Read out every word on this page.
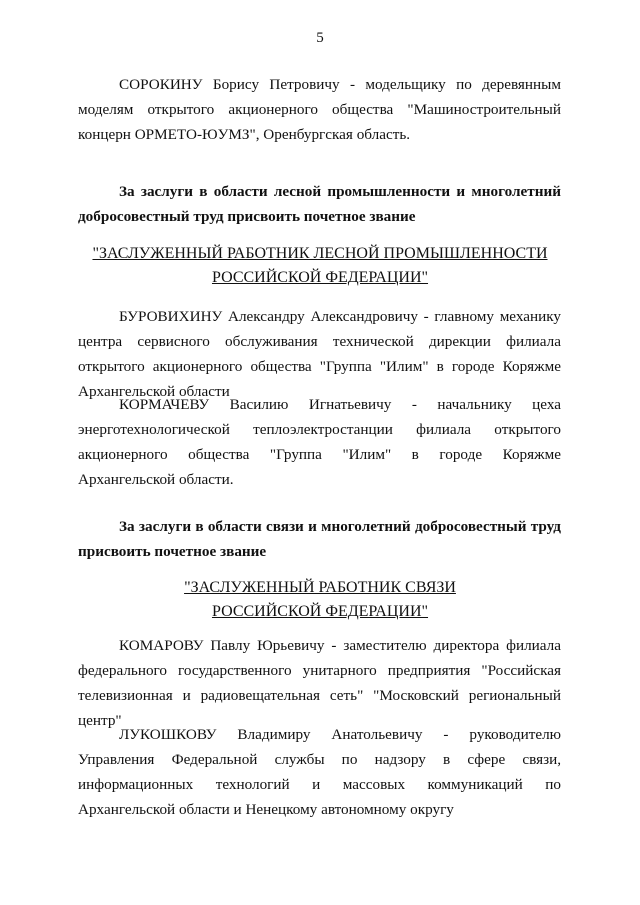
5
СОРОКИНУ Борису Петровичу - модельщику по деревянным моделям открытого акционерного общества "Машиностроительный концерн ОРМЕТО-ЮУМЗ", Оренбургская область.
За заслуги в области лесной промышленности и многолетний добросовестный труд присвоить почетное звание
"ЗАСЛУЖЕННЫЙ РАБОТНИК ЛЕСНОЙ ПРОМЫШЛЕННОСТИ
РОССИЙСКОЙ ФЕДЕРАЦИИ"
БУРОВИХИНУ Александру Александровичу - главному механику центра сервисного обслуживания технической дирекции филиала открытого акционерного общества "Группа "Илим" в городе Коряжме Архангельской области
КОРМАЧЕВУ Василию Игнатьевичу - начальнику цеха энерготехнологической теплоэлектростанции филиала открытого акционерного общества "Группа "Илим" в городе Коряжме Архангельской области.
За заслуги в области связи и многолетний добросовестный труд присвоить почетное звание
"ЗАСЛУЖЕННЫЙ РАБОТНИК СВЯЗИ
РОССИЙСКОЙ ФЕДЕРАЦИИ"
КОМАРОВУ Павлу Юрьевичу - заместителю директора филиала федерального государственного унитарного предприятия "Российская телевизионная и радиовещательная сеть" "Московский региональный центр"
ЛУКОШКОВУ Владимиру Анатольевичу - руководителю Управления Федеральной службы по надзору в сфере связи, информационных технологий и массовых коммуникаций по Архангельской области и Ненецкому автономному округу
